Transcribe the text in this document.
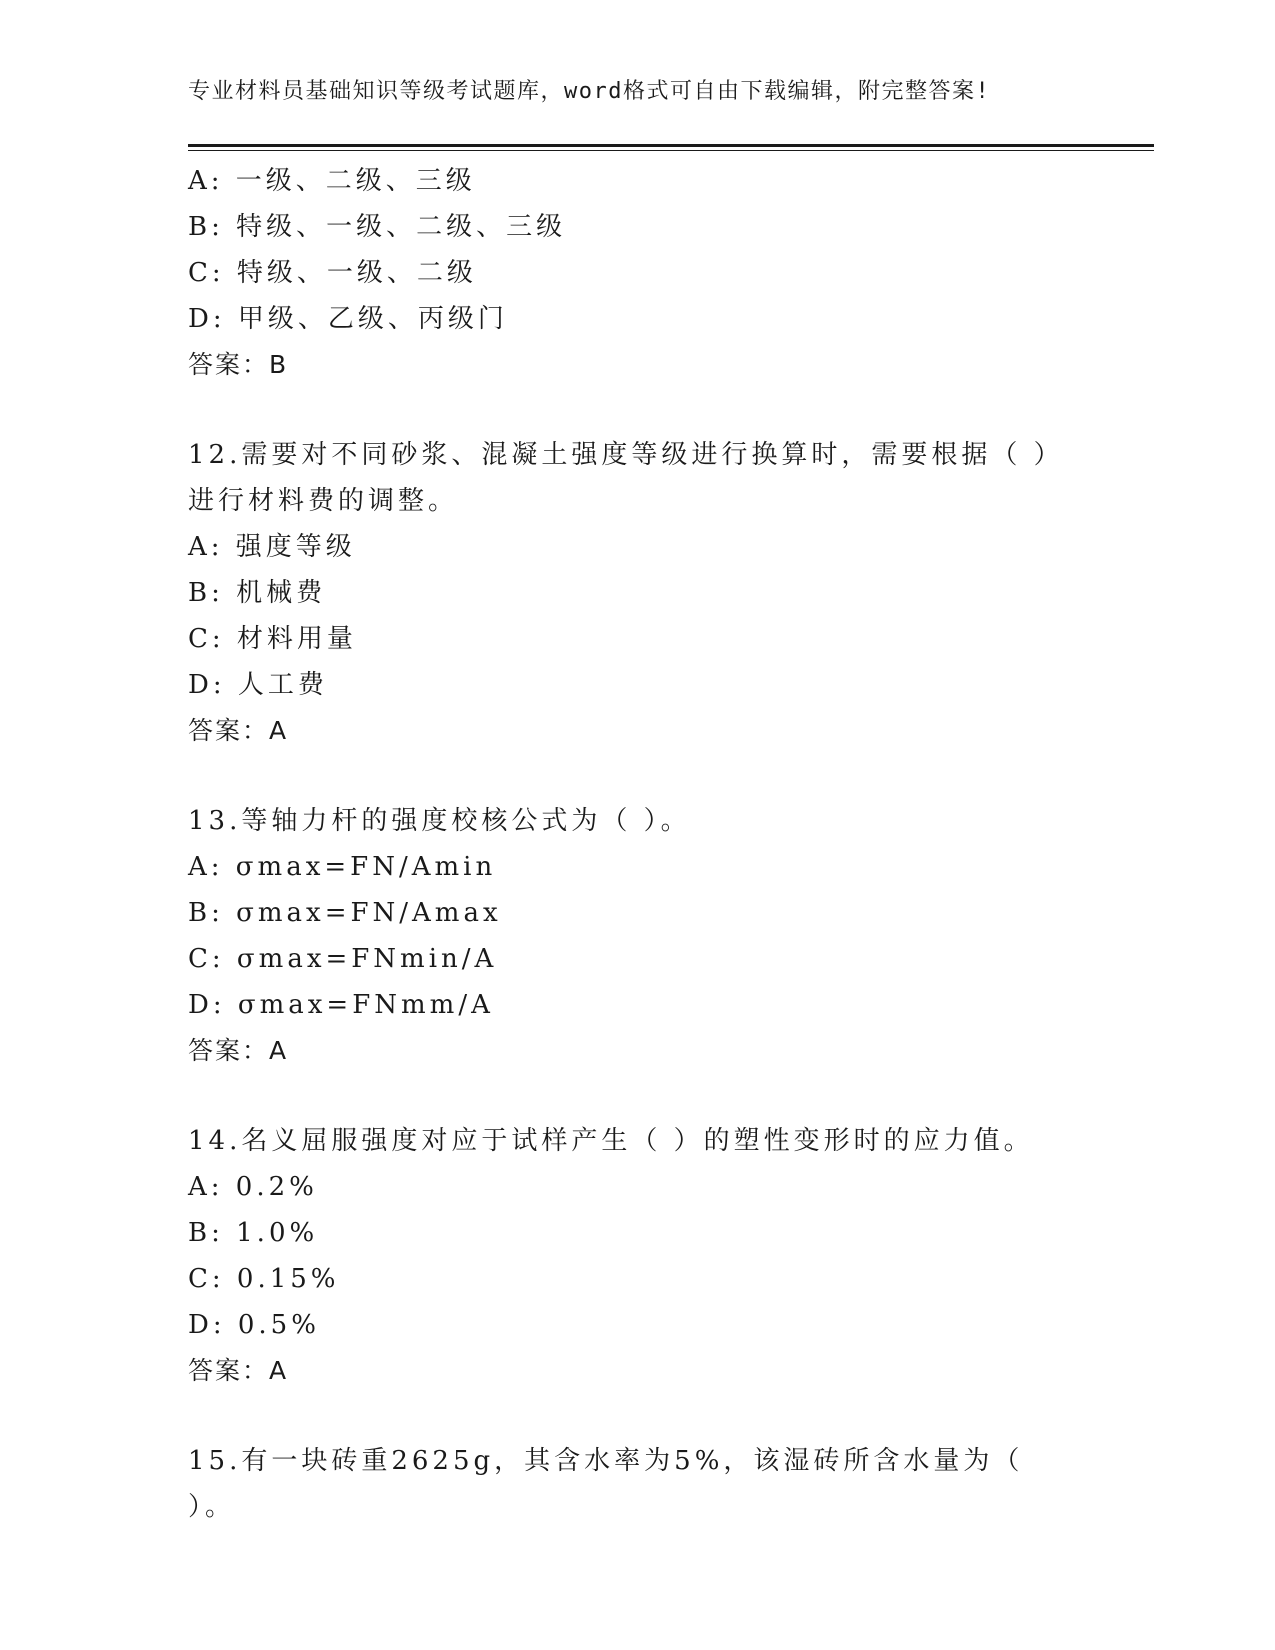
专业材料员基础知识等级考试题库，word格式可自由下载编辑，附完整答案!
A: 一级、二级、三级
B: 特级、一级、二级、三级
C: 特级、一级、二级
D: 甲级、乙级、丙级门
答案：B
12.需要对不同砂浆、混凝土强度等级进行换算时，需要根据（ ）进行材料费的调整。
A: 强度等级
B: 机械费
C: 材料用量
D: 人工费
答案：A
13.等轴力杆的强度校核公式为（ ）。
A: σmax=FN/Amin
B: σmax=FN/Amax
C: σmax=FNmin/A
D: σmax=FNmm/A
答案：A
14.名义屈服强度对应于试样产生（ ）的塑性变形时的应力值。
A: 0.2%
B: 1.0%
C: 0.15%
D: 0.5%
答案：A
15.有一块砖重2625g，其含水率为5%，该湿砖所含水量为（ ）。
